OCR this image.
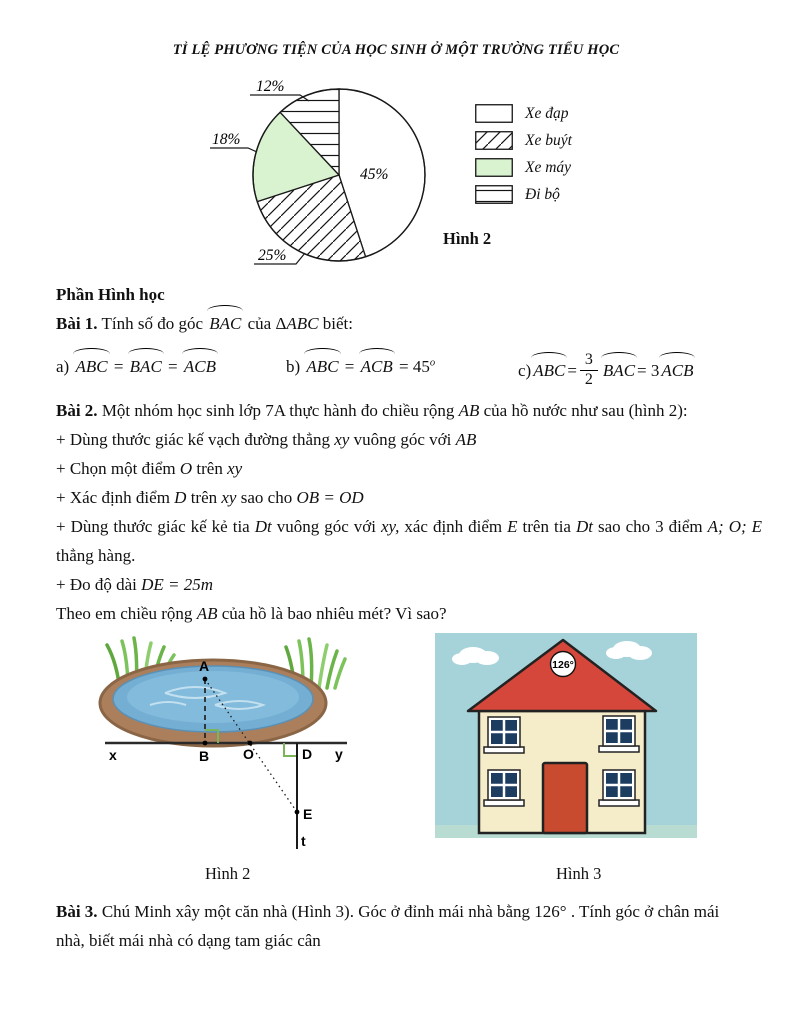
TỈ LỆ PHƯƠNG TIỆN CỦA HỌC SINH Ở MỘT TRƯỜNG TIỂU HỌC
12%
18%
25%
45%
Xe đạp
Xe buýt
Xe máy
Đi bộ
Hình 2
Phần Hình học
Bài 1. Tính số đo góc BAC của ΔABC biết:
a) ABC = BAC = ACB	b) ABC = ACB = $45^o$	c) ABC = $\frac{3}{2}$ BAC = 3 ACB
Bài 2. Một nhóm học sinh lớp 7A thực hành đo chiều rộng AB của hồ nước như sau (hình 2):
+ Dùng thước giác kế vạch đường thẳng xy vuông góc với AB
+ Chọn một điểm O trên xy
+ Xác định điểm D trên xy sao cho OB = OD
+ Dùng thước giác kế kẻ tia Dt vuông góc với xy, xác định điểm E trên tia Dt sao cho 3 điểm A; O; E
thẳng hàng.
+ Đo độ dài DE = 25m
Theo em chiều rộng AB của hồ là bao nhiêu mét? Vì sao?
A
x	B O	D y
E
t
126°
Hình 2	Hình 3
Bài 3. Chú Minh xây một căn nhà (Hình 3). Góc ở đỉnh mái nhà bằng 126° . Tính góc ở chân mái
nhà, biết mái nhà có dạng tam giác cân
